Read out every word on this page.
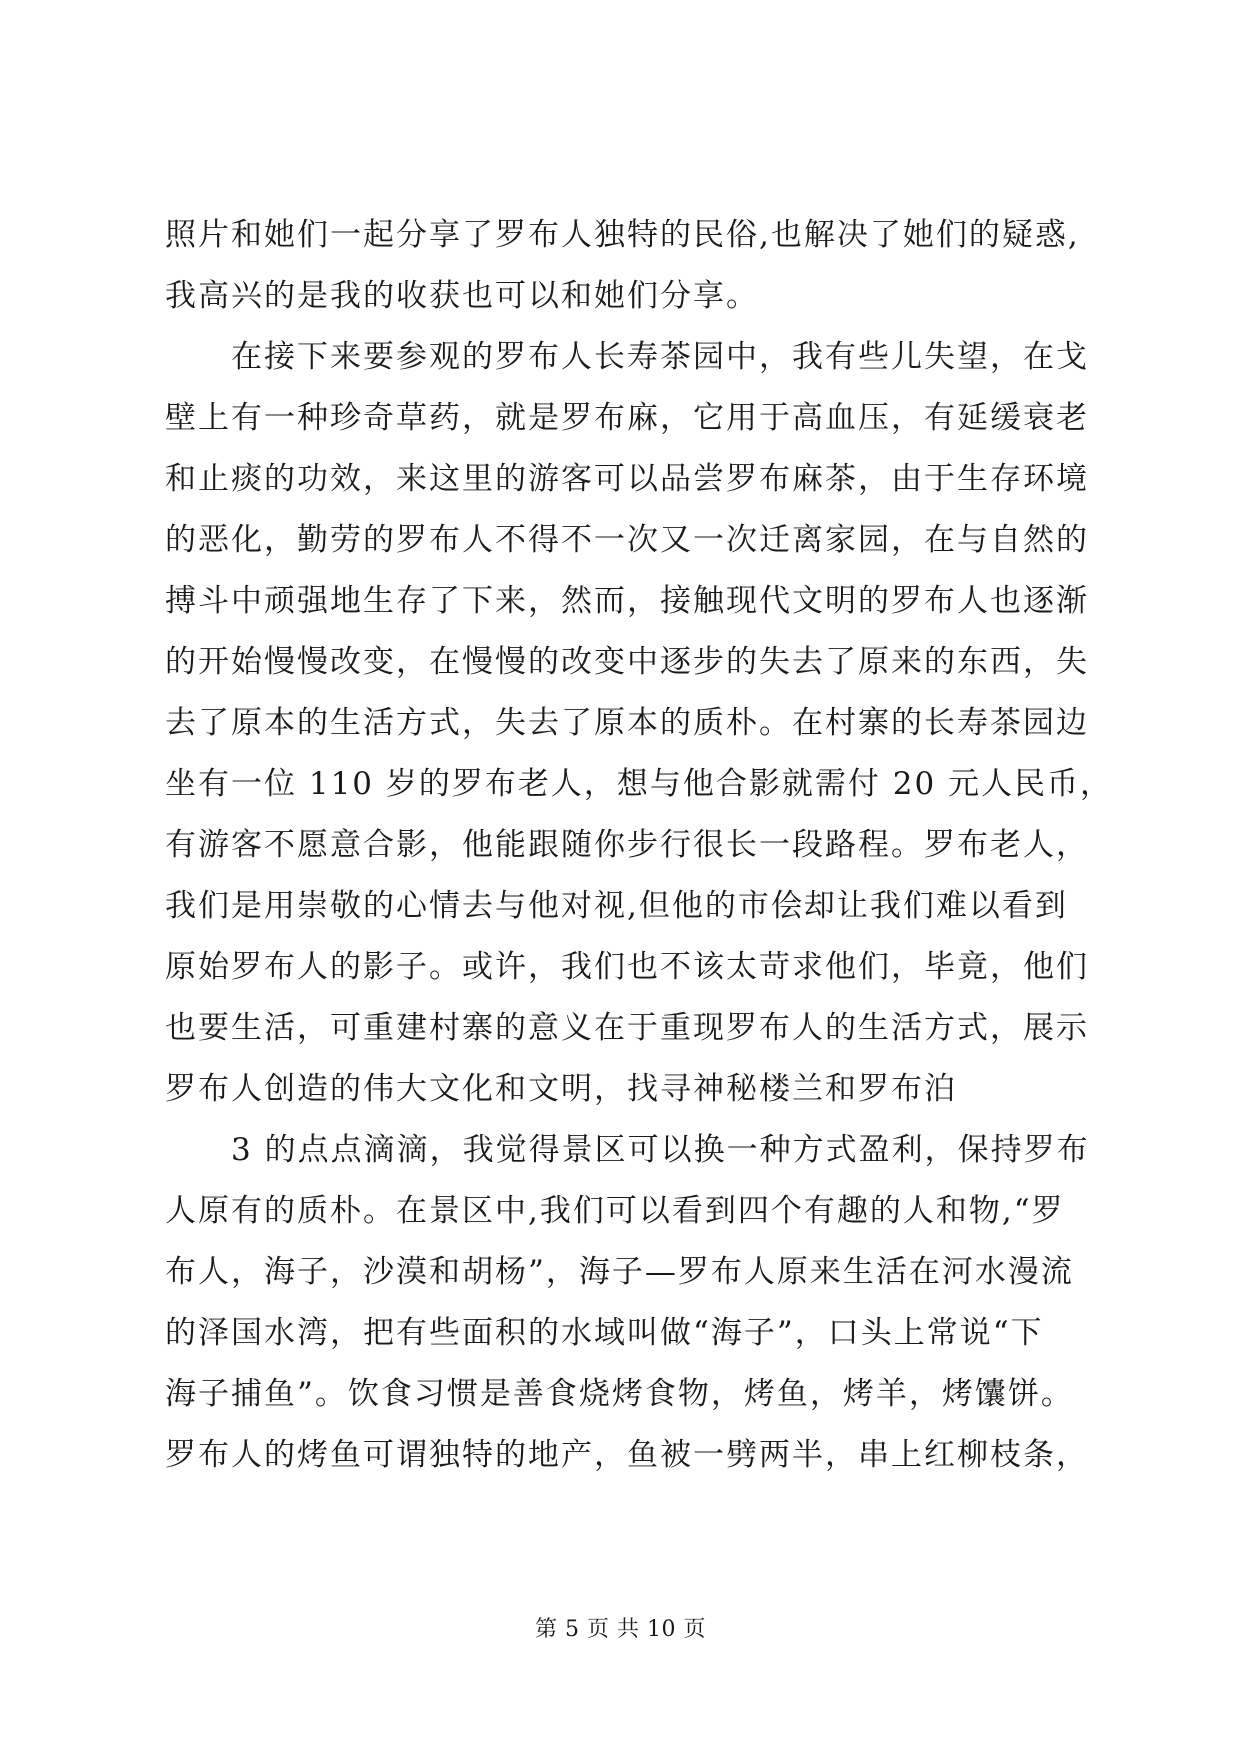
照片和她们一起分享了罗布人独特的民俗,也解决了她们的疑惑,
我高兴的是我的收获也可以和她们分享。
在接下来要参观的罗布人长寿茶园中，我有些儿失望，在戈
壁上有一种珍奇草药，就是罗布麻，它用于高血压，有延缓衰老
和止痰的功效，来这里的游客可以品尝罗布麻茶，由于生存环境
的恶化，勤劳的罗布人不得不一次又一次迁离家园，在与自然的
搏斗中顽强地生存了下来，然而，接触现代文明的罗布人也逐渐
的开始慢慢改变，在慢慢的改变中逐步的失去了原来的东西，失
去了原本的生活方式，失去了原本的质朴。在村寨的长寿茶园边
坐有一位 110 岁的罗布老人，想与他合影就需付 20 元人民币，
有游客不愿意合影，他能跟随你步行很长一段路程。罗布老人，
我们是用崇敬的心情去与他对视,但他的市侩却让我们难以看到
原始罗布人的影子。或许，我们也不该太苛求他们，毕竟，他们
也要生活，可重建村寨的意义在于重现罗布人的生活方式，展示
罗布人创造的伟大文化和文明，找寻神秘楼兰和罗布泊
3 的点点滴滴，我觉得景区可以换一种方式盈利，保持罗布
人原有的质朴。在景区中,我们可以看到四个有趣的人和物,“罗
布人，海子，沙漠和胡杨”，海子—罗布人原来生活在河水漫流
的泽国水湾，把有些面积的水域叫做“海子”，口头上常说“下
海子捕鱼”。饮食习惯是善食烧烤食物，烤鱼，烤羊，烤馕饼。
罗布人的烤鱼可谓独特的地产，鱼被一劈两半，串上红柳枝条，
第 5 页 共 10 页
